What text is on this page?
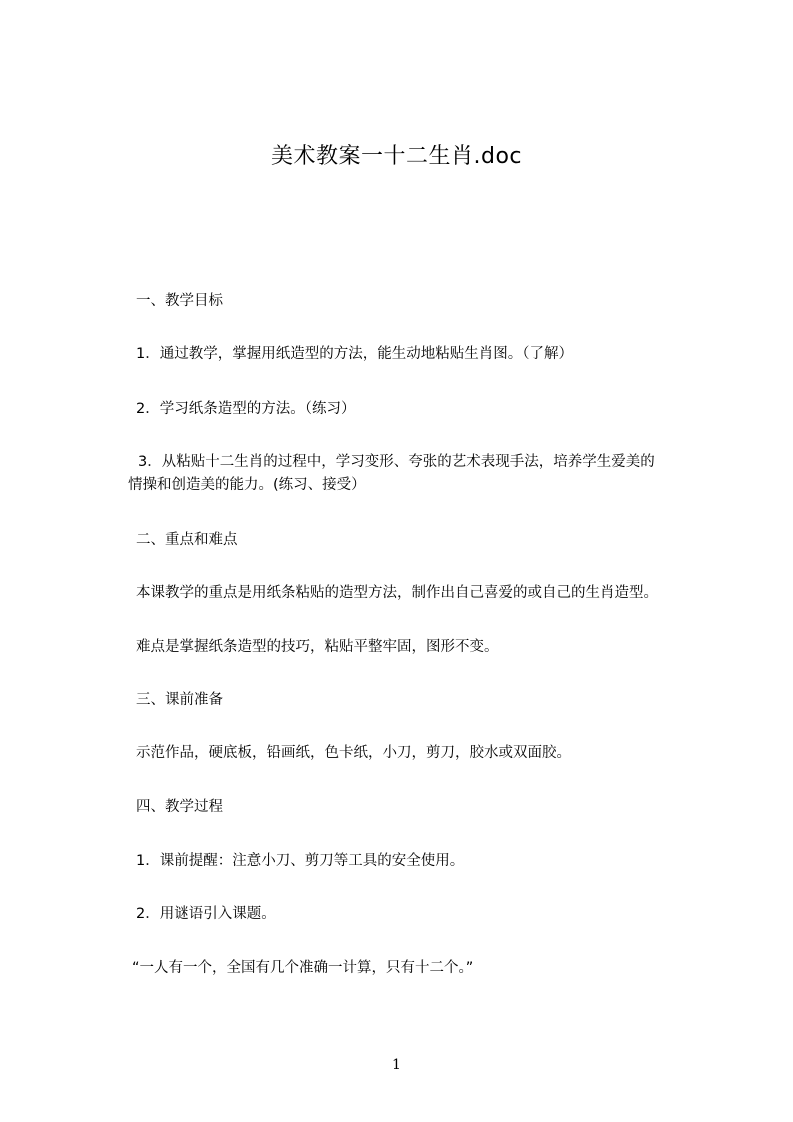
美术教案一十二生肖.doc
一、教学目标
1．通过教学，掌握用纸造型的方法，能生动地粘贴生肖图。（了解）
2．学习纸条造型的方法。（练习）
3．从粘贴十二生肖的过程中，学习变形、夸张的艺术表现手法，培养学生爱美的
情操和创造美的能力。(练习、接受）
二、重点和难点
本课教学的重点是用纸条粘贴的造型方法，制作出自己喜爱的或自己的生肖造型。
难点是掌握纸条造型的技巧，粘贴平整牢固，图形不变。
三、课前准备
示范作品，硬底板，铅画纸，色卡纸，小刀，剪刀，胶水或双面胶。
四、教学过程
1．课前提醒：注意小刀、剪刀等工具的安全使用。
2．用谜语引入课题。
“一人有一个，全国有几个准确一计算，只有十二个。”
1
